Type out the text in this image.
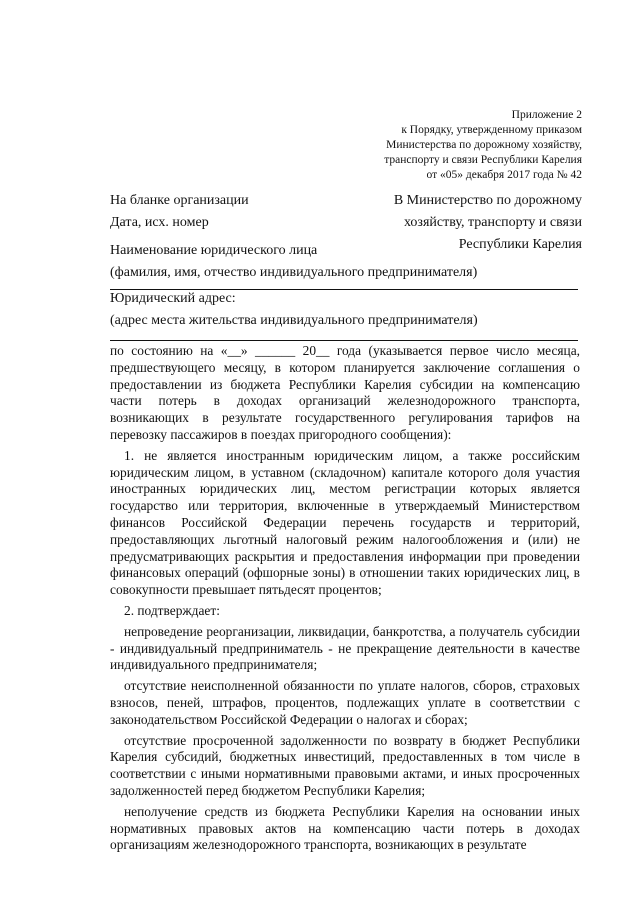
Приложение 2
к Порядку, утвержденному приказом
Министерства по дорожному хозяйству,
транспорту и связи Республики Карелия
от «05» декабря 2017 года № 42
На бланке организации
Дата, исх. номер
В Министерство по дорожному
хозяйству, транспорту и связи
Республики Карелия
Наименование юридического лица
(фамилия, имя, отчество индивидуального предпринимателя)
Юридический адрес:
(адрес места жительства индивидуального предпринимателя)

по состоянию на «__» ______ 20__ года (указывается первое число месяца, предшествующего месяцу, в котором планируется заключение соглашения о предоставлении из бюджета Республики Карелия субсидии на компенсацию части потерь в доходах организаций железнодорожного транспорта, возникающих в результате государственного регулирования тарифов на перевозку пассажиров в поездах пригородного сообщения):

1. не является иностранным юридическим лицом, а также российским юридическим лицом, в уставном (складочном) капитале которого доля участия иностранных юридических лиц, местом регистрации которых является государство или территория, включенные в утверждаемый Министерством финансов Российской Федерации перечень государств и территорий, предоставляющих льготный налоговый режим налогообложения и (или) не предусматривающих раскрытия и предоставления информации при проведении финансовых операций (офшорные зоны) в отношении таких юридических лиц, в совокупности превышает пятьдесят процентов;

2. подтверждает:

непроведение реорганизации, ликвидации, банкротства, а получатель субсидии - индивидуальный предприниматель - не прекращение деятельности в качестве индивидуального предпринимателя;

отсутствие неисполненной обязанности по уплате налогов, сборов, страховых взносов, пеней, штрафов, процентов, подлежащих уплате в соответствии с законодательством Российской Федерации о налогах и сборах;

отсутствие просроченной задолженности по возврату в бюджет Республики Карелия субсидий, бюджетных инвестиций, предоставленных в том числе в соответствии с иными нормативными правовыми актами, и иных просроченных задолженностей перед бюджетом Республики Карелия;

неполучение средств из бюджета Республики Карелия на основании иных нормативных правовых актов на компенсацию части потерь в доходах организациям железнодорожного транспорта, возникающих в результате
